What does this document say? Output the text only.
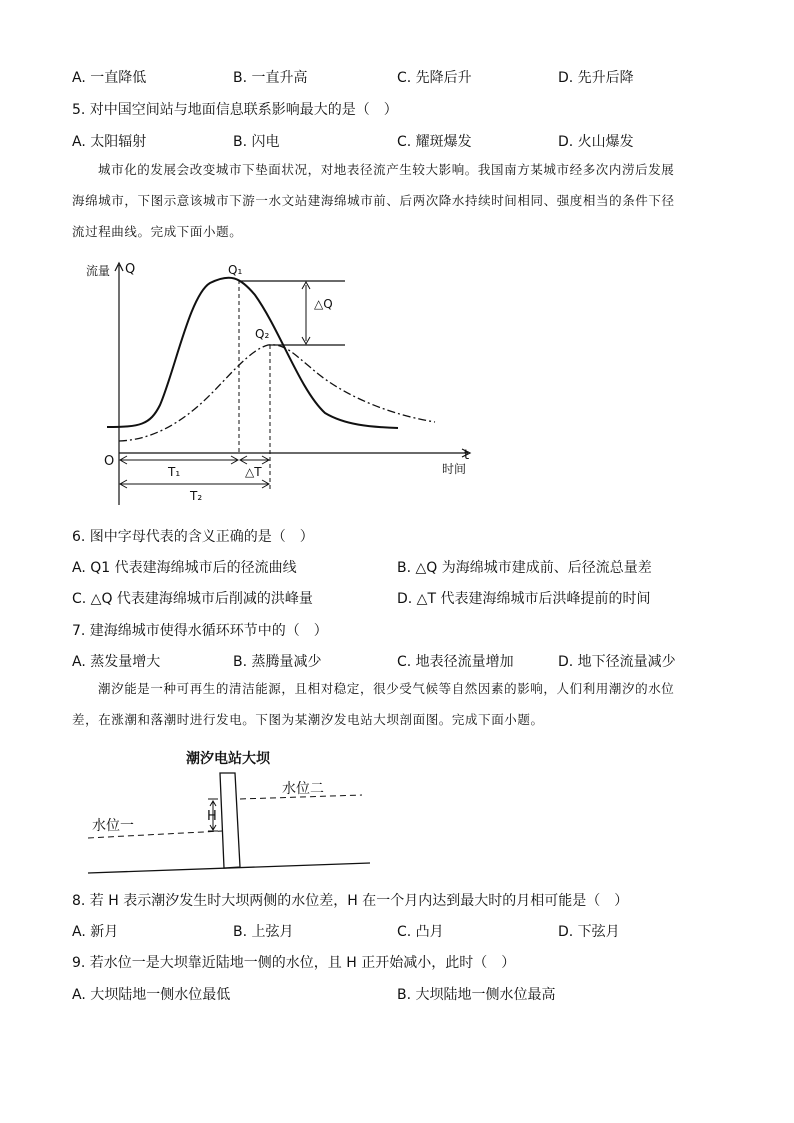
A. 一直降低	B. 一直升高	C. 先降后升	D. 先升后降
5. 对中国空间站与地面信息联系影响最大的是（　）
A. 太阳辐射	B. 闪电	C. 耀斑爆发	D. 火山爆发
城市化的发展会改变城市下垫面状况，对地表径流产生较大影响。我国南方某城市经多次内涝后发展
海绵城市，下图示意该城市下游一水文站建海绵城市前、后两次降水持续时间相同、强度相当的条件下径
流过程曲线。完成下面小题。
流量 Q
O	t
时间
△Q
Q₁
Q₂
T₁	△T
T₂
6. 图中字母代表的含义正确的是（　）
A. Q1 代表建海绵城市后的径流曲线	B. △Q 为海绵城市建成前、后径流总量差
C. △Q 代表建海绵城市后削减的洪峰量	D. △T 代表建海绵城市后洪峰提前的时间
7. 建海绵城市使得水循环环节中的（　）
A. 蒸发量增大	B. 蒸腾量减少	C. 地表径流量增加	D. 地下径流量减少
潮汐能是一种可再生的清洁能源，且相对稳定，很少受气候等自然因素的影响，人们利用潮汐的水位
差，在涨潮和落潮时进行发电。下图为某潮汐发电站大坝剖面图。完成下面小题。
潮汐电站大坝
水位二
水位一
H
8. 若 H 表示潮汐发生时大坝两侧的水位差，H 在一个月内达到最大时的月相可能是（　）
A. 新月	B. 上弦月	C. 凸月	D. 下弦月
9. 若水位一是大坝靠近陆地一侧的水位，且 H 正开始减小，此时（　）
A. 大坝陆地一侧水位最低	B. 大坝陆地一侧水位最高
